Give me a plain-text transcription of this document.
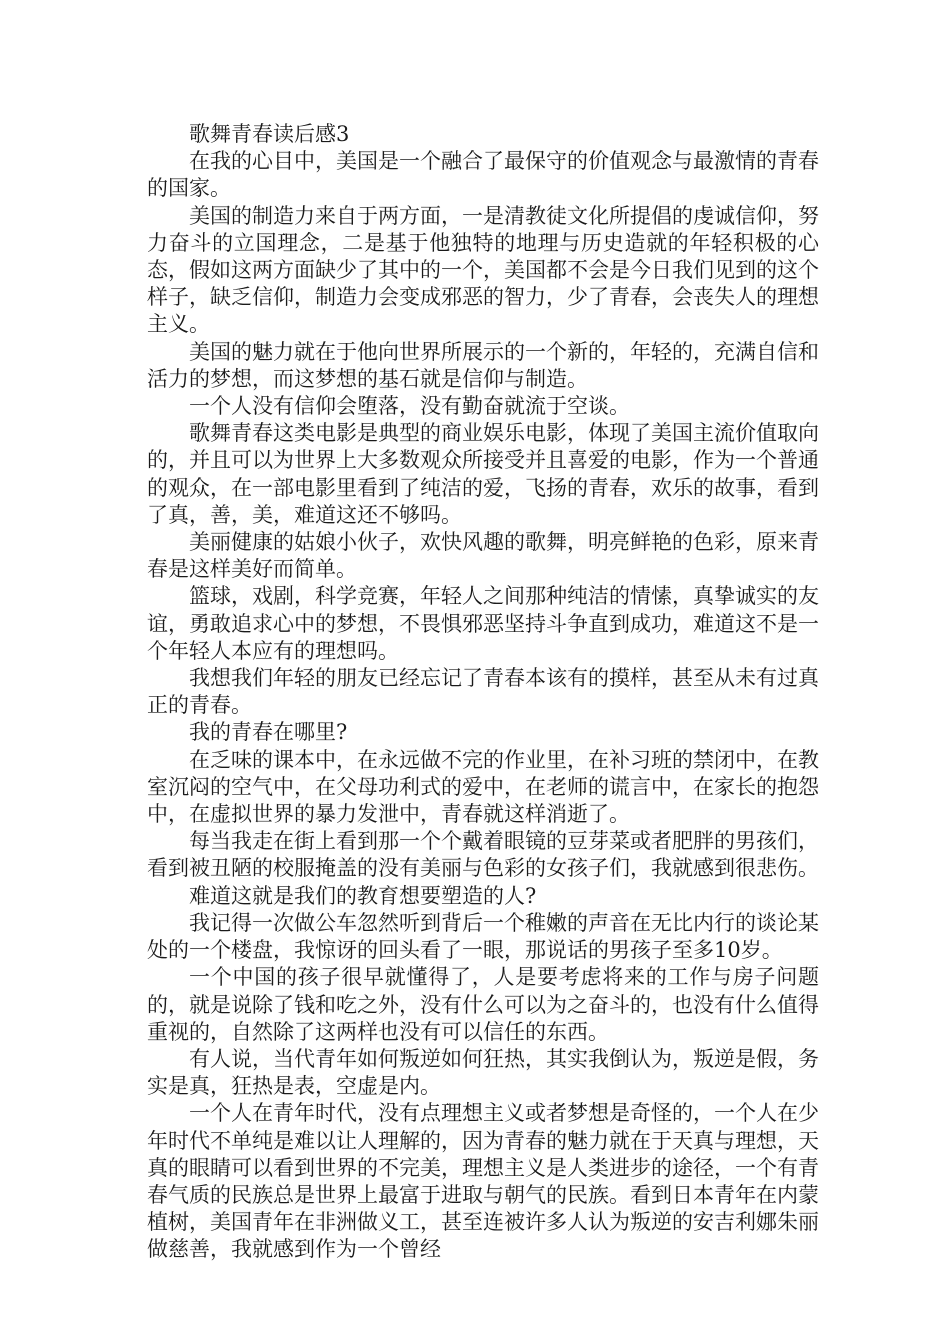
歌舞青春读后感3

在我的心目中，美国是一个融合了最保守的价值观念与最激情的青春的国家。

美国的制造力来自于两方面，一是清教徒文化所提倡的虔诚信仰，努力奋斗的立国理念，二是基于他独特的地理与历史造就的年轻积极的心态，假如这两方面缺少了其中的一个，美国都不会是今日我们见到的这个样子，缺乏信仰，制造力会变成邪恶的智力，少了青春，会丧失人的理想主义。

美国的魅力就在于他向世界所展示的一个新的，年轻的，充满自信和活力的梦想，而这梦想的基石就是信仰与制造。

一个人没有信仰会堕落，没有勤奋就流于空谈。

歌舞青春这类电影是典型的商业娱乐电影，体现了美国主流价值取向的，并且可以为世界上大多数观众所接受并且喜爱的电影，作为一个普通的观众，在一部电影里看到了纯洁的爱，飞扬的青春，欢乐的故事，看到了真，善，美，难道这还不够吗。

美丽健康的姑娘小伙子，欢快风趣的歌舞，明亮鲜艳的色彩，原来青春是这样美好而简单。

篮球，戏剧，科学竞赛，年轻人之间那种纯洁的情愫，真挚诚实的友谊，勇敢追求心中的梦想，不畏惧邪恶坚持斗争直到成功，难道这不是一个年轻人本应有的理想吗。

我想我们年轻的朋友已经忘记了青春本该有的摸样，甚至从未有过真正的青春。

我的青春在哪里?

在乏味的课本中，在永远做不完的作业里，在补习班的禁闭中，在教室沉闷的空气中，在父母功利式的爱中，在老师的谎言中，在家长的抱怨中，在虚拟世界的暴力发泄中，青春就这样消逝了。

每当我走在街上看到那一个个戴着眼镜的豆芽菜或者肥胖的男孩们，看到被丑陋的校服掩盖的没有美丽与色彩的女孩子们，我就感到很悲伤。

难道这就是我们的教育想要塑造的人?

我记得一次做公车忽然听到背后一个稚嫩的声音在无比内行的谈论某处的一个楼盘，我惊讶的回头看了一眼，那说话的男孩子至多10岁。

一个中国的孩子很早就懂得了，人是要考虑将来的工作与房子问题的，就是说除了钱和吃之外，没有什么可以为之奋斗的，也没有什么值得重视的，自然除了这两样也没有可以信任的东西。

有人说，当代青年如何叛逆如何狂热，其实我倒认为，叛逆是假，务实是真，狂热是表，空虚是内。

一个人在青年时代，没有点理想主义或者梦想是奇怪的，一个人在少年时代不单纯是难以让人理解的，因为青春的魅力就在于天真与理想，天真的眼睛可以看到世界的不完美，理想主义是人类进步的途径，一个有青春气质的民族总是世界上最富于进取与朝气的民族。看到日本青年在内蒙植树，美国青年在非洲做义工，甚至连被许多人认为叛逆的安吉利娜朱丽做慈善，我就感到作为一个曾经
